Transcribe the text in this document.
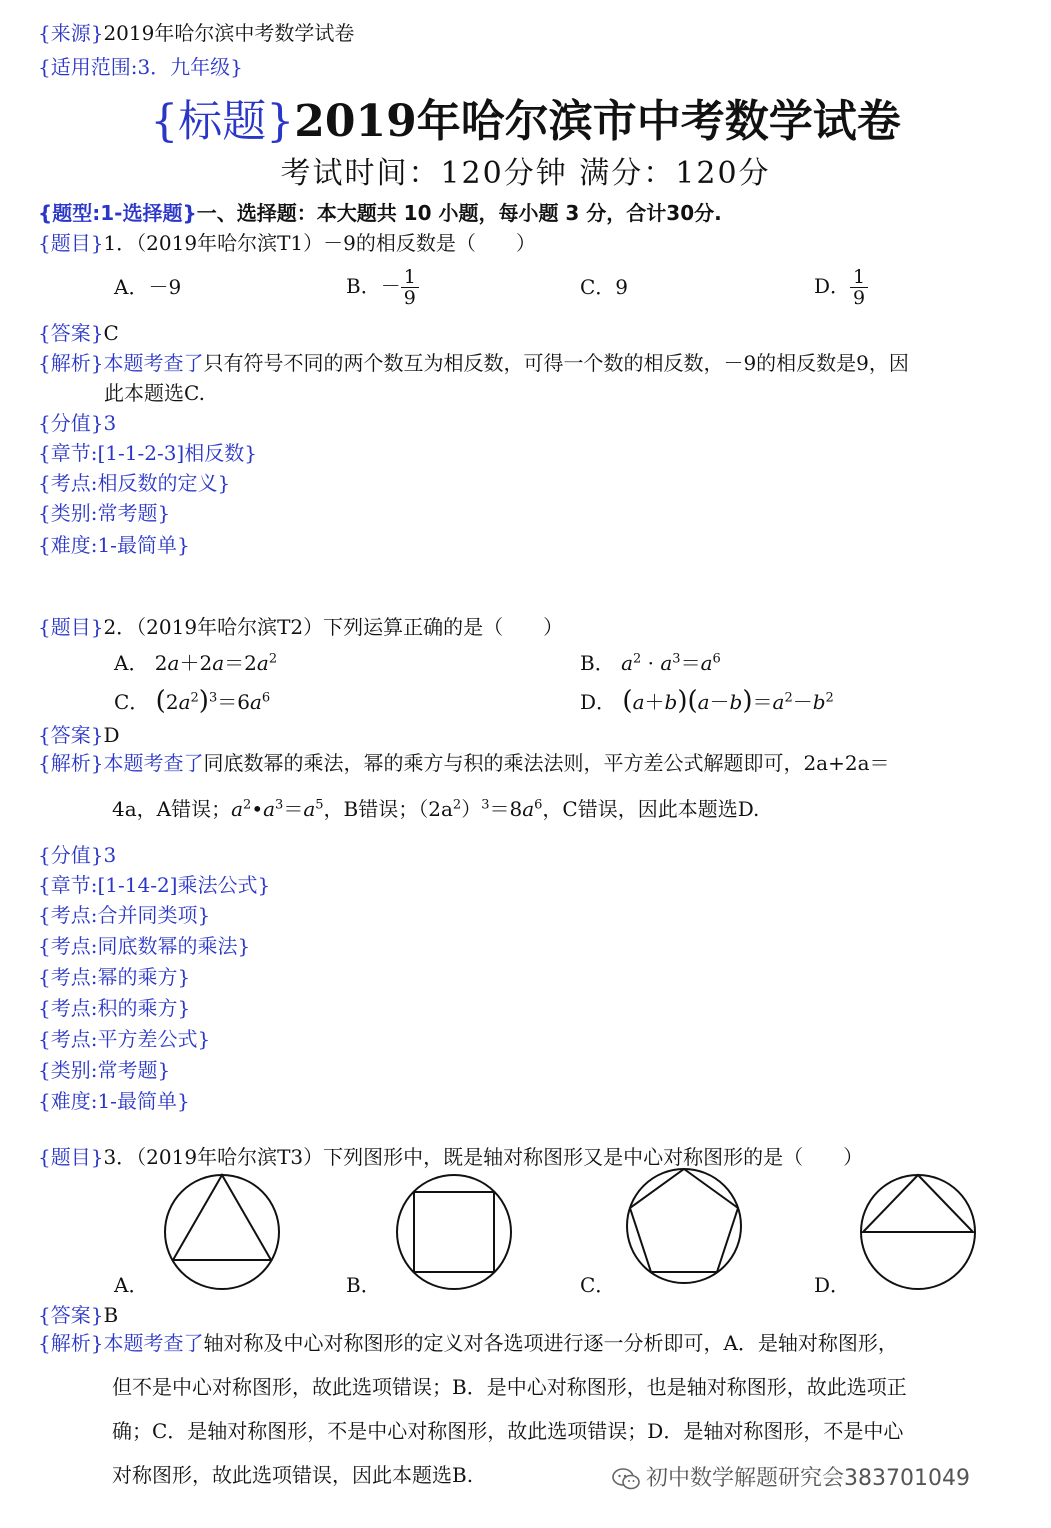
{来源}2019年哈尔滨中考数学试卷
{适用范围:3．九年级}
{标题}2019年哈尔滨市中考数学试卷
考试时间：120分钟 满分：120分
{题型:1-选择题}一、选择题：本大题共 10 小题，每小题 3 分，合计30分.
{题目}1．（2019年哈尔滨T1）－9的相反数是（　　）
A．－9	B．－ $\frac{1}{9}$	C．9	D． $\frac{1}{9}$
{答案}C
{解析}本题考查了只有符号不同的两个数互为相反数，可得一个数的相反数，－9的相反数是9，因
此本题选C.
{分值}3
{章节:[1-1-2-3]相反数}
{考点:相反数的定义}
{类别:常考题}
{难度:1-最简单}
{题目}2．（2019年哈尔滨T2）下列运算正确的是（　　）
A． $2a+2a=2a^2$	B． $a^2 \cdot a^3=a^6$
C． $(2a^2)^3=6a^6$	D． $(a+b)(a-b)=a^2-b^2$
{答案}D
{解析}本题考查了同底数幂的乘法，幂的乘方与积的乘法法则，平方差公式解题即可，2a+2a＝
4a，A错误；$a^2•a^3=a^5$，B错误；$(2a^2)^3=8a^6$，C错误，因此本题选D.
{分值}3
{章节:[1-14-2]乘法公式}
{考点:合并同类项}
{考点:同底数幂的乘法}
{考点:幂的乘方}
{考点:积的乘方}
{考点:平方差公式}
{类别:常考题}
{难度:1-最简单}
{题目}3．（2019年哈尔滨T3）下列图形中，既是轴对称图形又是中心对称图形的是（　　）
A．	B．	C．	D．
{答案}B
{解析}本题考查了轴对称及中心对称图形的定义对各选项进行逐一分析即可，A．是轴对称图形，
但不是中心对称图形，故此选项错误；B．是中心对称图形，也是轴对称图形，故此选项正
确；C．是轴对称图形，不是中心对称图形，故此选项错误；D．是轴对称图形，不是中心
对称图形，故此选项错误，因此本题选B.	初中数学解题研究会383701049
